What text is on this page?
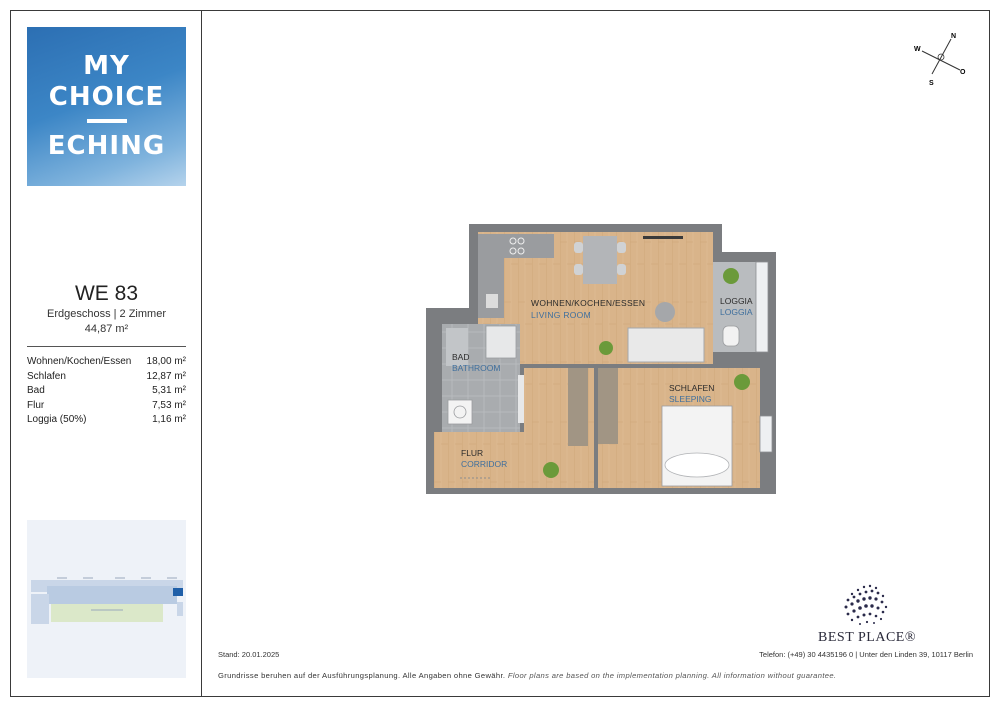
MY
CHOICE
ECHING
WE 83
Erdgeschoss | 2 Zimmer
44,87 m²
Wohnen/Kochen/Essen 18,00 m²
Schlafen	12,87 m²
Bad	5,31 m²
Flur	7,53 m²
Loggia (50%)	1,16 m²
N
O
S
W
WOHNEN/KOCHEN/ESSEN
LIVING ROOM
LOGGIA
LOGGIA
BAD
BATHROOM
SCHLAFEN
SLEEPING
FLUR
CORRIDOR
BEST PLACE®
Stand: 20.01.2025	Telefon: (+49) 30 4435196 0 | Unter den Linden 39, 10117 Berlin
Grundrisse beruhen auf der Ausführungsplanung. Alle Angaben ohne Gewähr. Floor plans are based on the implementation planning. All information without guarantee.
